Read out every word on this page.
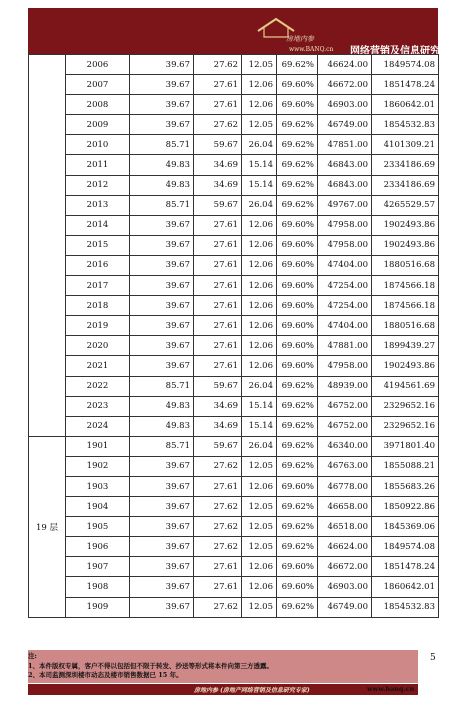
房地内参
www.BANQ.cn 网络营销及信息研究专家
	2006	39.67	27.62	12.05	69.62%	46624.00	1849574.08
	2007	39.67	27.61	12.06	69.60%	46672.00	1851478.24
	2008	39.67	27.61	12.06	69.60%	46903.00	1860642.01
	2009	39.67	27.62	12.05	69.62%	46749.00	1854532.83
	2010	85.71	59.67	26.04	69.62%	47851.00	4101309.21
	2011	49.83	34.69	15.14	69.62%	46843.00	2334186.69
	2012	49.83	34.69	15.14	69.62%	46843.00	2334186.69
	2013	85.71	59.67	26.04	69.62%	49767.00	4265529.57
	2014	39.67	27.61	12.06	69.60%	47958.00	1902493.86
	2015	39.67	27.61	12.06	69.60%	47958.00	1902493.86
	2016	39.67	27.61	12.06	69.60%	47404.00	1880516.68
	2017	39.67	27.61	12.06	69.60%	47254.00	1874566.18
	2018	39.67	27.61	12.06	69.60%	47254.00	1874566.18
	2019	39.67	27.61	12.06	69.60%	47404.00	1880516.68
	2020	39.67	27.61	12.06	69.60%	47881.00	1899439.27
	2021	39.67	27.61	12.06	69.60%	47958.00	1902493.86
	2022	85.71	59.67	26.04	69.62%	48939.00	4194561.69
	2023	49.83	34.69	15.14	69.62%	46752.00	2329652.16
	2024	49.83	34.69	15.14	69.62%	46752.00	2329652.16
19 层	1901	85.71	59.67	26.04	69.62%	46340.00	3971801.40
	1902	39.67	27.62	12.05	69.62%	46763.00	1855088.21
	1903	39.67	27.61	12.06	69.60%	46778.00	1855683.26
	1904	39.67	27.62	12.05	69.62%	46658.00	1850922.86
	1905	39.67	27.62	12.05	69.62%	46518.00	1845369.06
	1906	39.67	27.62	12.05	69.62%	46624.00	1849574.08
	1907	39.67	27.61	12.06	69.60%	46672.00	1851478.24
	1908	39.67	27.61	12.06	69.60%	46903.00	1860642.01
	1909	39.67	27.62	12.05	69.62%	46749.00	1854532.83
注:
1、本件版权专属，客户不得以包括但不限于转发、抄送等形式将本件向第三方透露。
2、本司监测深圳楼市动态及楼市销售数据已 15 年。
5
房地内参 (房地产网络营销及信息研究专家)	www.banq.cn
